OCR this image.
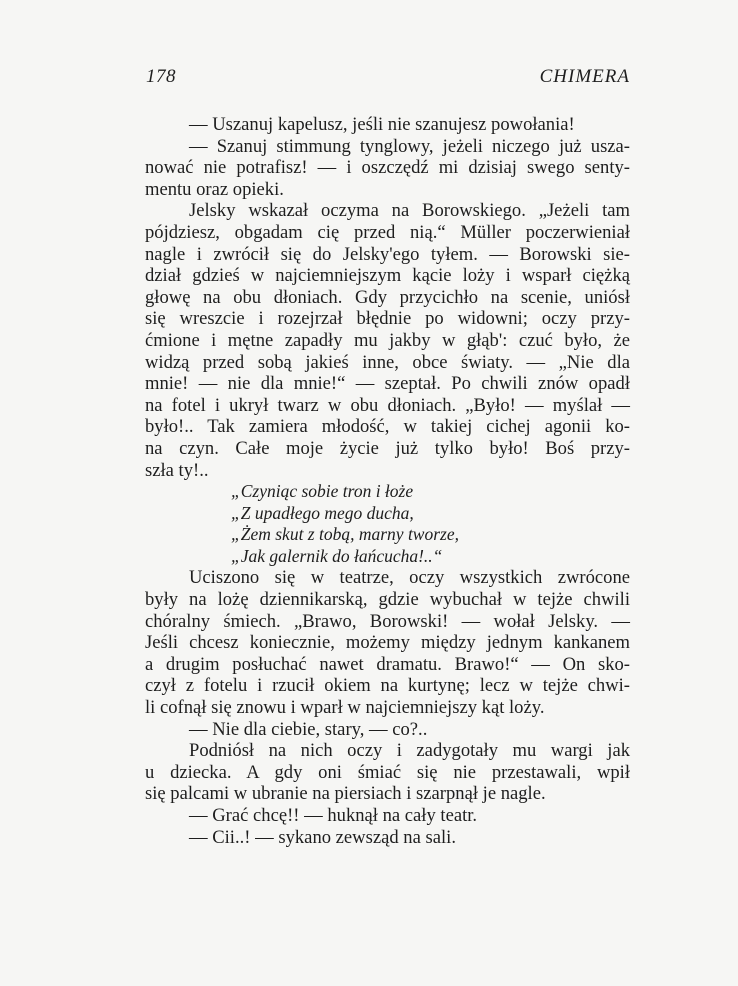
178	CHIMERA
— Uszanuj kapelusz, jeśli nie szanujesz powołania!
— Szanuj stimmung tynglowy, jeżeli niczego już usza-
nować nie potrafisz! — i oszczędź mi dzisiaj swego senty-
mentu oraz opieki.
Jelsky wskazał oczyma na Borowskiego. „Jeżeli tam
pójdziesz, obgadam cię przed nią.“ Müller poczerwieniał
nagle i zwrócił się do Jelsky'ego tyłem. — Borowski sie-
dział gdzieś w najciemniejszym kącie loży i wsparł ciężką
głowę na obu dłoniach. Gdy przycichło na scenie, uniósł
się wreszcie i rozejrzał błędnie po widowni; oczy przy-
ćmione i mętne zapadły mu jakby w głąb': czuć było, że
widzą przed sobą jakieś inne, obce światy. — „Nie dla
mnie! — nie dla mnie!“ — szeptał. Po chwili znów opadł
na fotel i ukrył twarz w obu dłoniach. „Było! — myślał —
było!.. Tak zamiera młodość, w takiej cichej agonii ko-
na czyn. Całe moje życie już tylko było! Boś przy-
szła ty!..
„Czyniąc sobie tron i łoże
„Z upadłego mego ducha,
„Żem skut z tobą, marny tworze,
„Jak galernik do łańcucha!..“
Uciszono się w teatrze, oczy wszystkich zwrócone
były na lożę dziennikarską, gdzie wybuchał w tejże chwili
chóralny śmiech. „Brawo, Borowski! — wołał Jelsky. —
Jeśli chcesz koniecznie, możemy między jednym kankanem
a drugim posłuchać nawet dramatu. Brawo!“ — On sko-
czył z fotelu i rzucił okiem na kurtynę; lecz w tejże chwi-
li cofnął się znowu i wparł w najciemniejszy kąt loży.
— Nie dla ciebie, stary, — co?..
Podniósł na nich oczy i zadygotały mu wargi jak
u dziecka. A gdy oni śmiać się nie przestawali, wpił
się palcami w ubranie na piersiach i szarpnął je nagle.
— Grać chcę!! — huknął na cały teatr.
— Cii..! — sykano zewsząd na sali.
